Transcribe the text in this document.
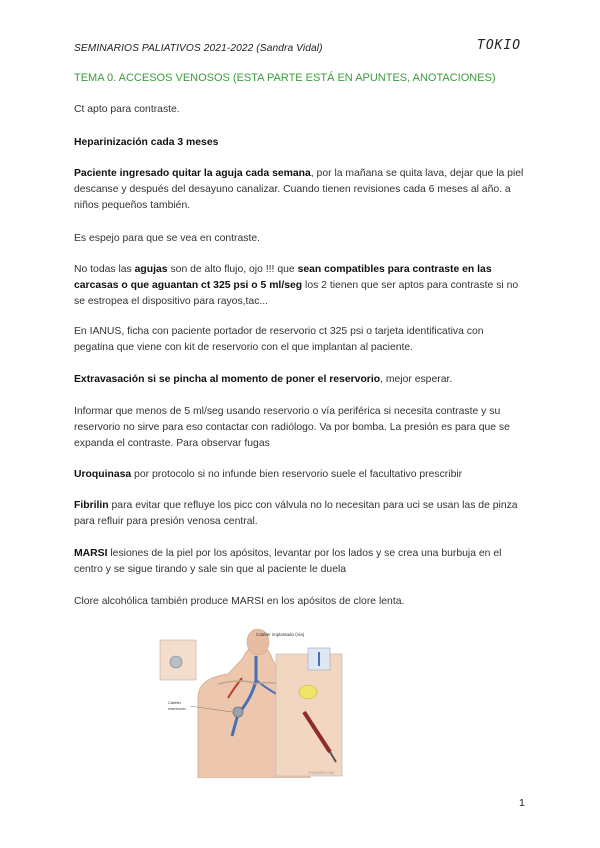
SEMINARIOS PALIATIVOS 2021-2022 (Sandra Vidal)	TOKIO
TEMA 0. ACCESOS VENOSOS (ESTA PARTE ESTÁ EN APUNTES, ANOTACIONES)
Ct apto para contraste.
Heparinización cada 3 meses
Paciente ingresado quitar la aguja cada semana, por la mañana se quita lava, dejar que la piel descanse y después del desayuno canalizar. Cuando tienen revisiones cada 6 meses al año. a niños pequeños también.
Es espejo para que se vea en contraste.
No todas las agujas son de alto flujo, ojo !!! que sean compatibles para contraste en las carcasas o que aguantan ct 325 psi o 5 ml/seg los 2 tienen que ser aptos para contraste si no se estropea el dispositivo para rayos,tac...
En IANUS, ficha con paciente portador de reservorio ct 325 psi o tarjeta identificativa con pegatina que viene con kit de reservorio con el que implantan al paciente.
Extravasación si se pincha al momento de poner el reservorio, mejor esperar.
Informar que menos de 5 ml/seg usando reservorio o vía periférica si necesita contraste y su reservorio no sirve para eso contactar con radiólogo. Va por bomba. La presión es para que se expanda el contraste. Para observar fugas
Uroquinasa por protocolo si no infunde bien reservorio suele el facultativo prescribir
Fibrilin para evitar que refluye los picc con válvula no lo necesitan para uci se usan las de pinza para refluir para presión venosa central.
MARSI lesiones de la piel por los apósitos, levantar por los lados y se crea una burbuja en el centro y se sigue tirando y sale sin que al paciente le duela
Clore alcohólica también produce MARSI en los apósitos de clore lenta.
Catéter implantado (vía)
Catéter
reservorio
TRADINGCOM
1
